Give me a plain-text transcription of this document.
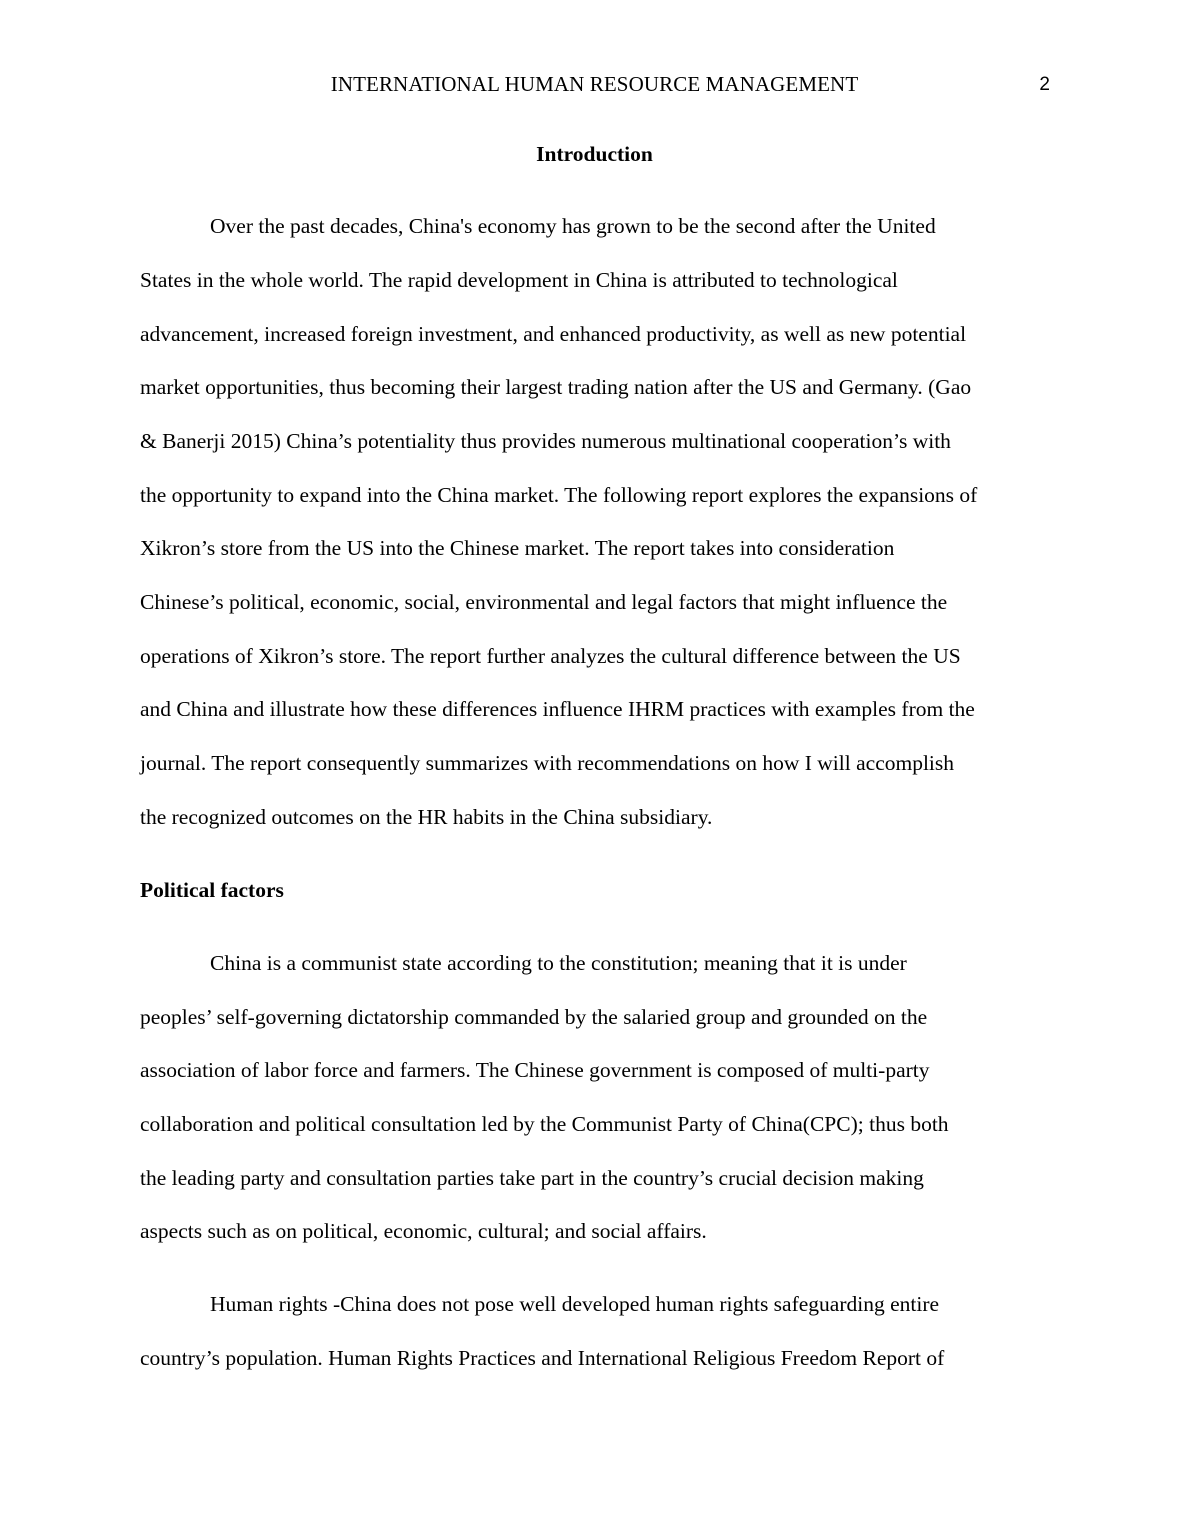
INTERNATIONAL HUMAN RESOURCE MANAGEMENT	2
Introduction
Over the past decades, China's economy has grown to be the second after the United
States in the whole world. The rapid development in China is attributed to technological
advancement, increased foreign investment, and enhanced productivity, as well as new potential
market opportunities, thus becoming their largest trading nation after the US and Germany. (Gao
& Banerji 2015) China’s potentiality thus provides numerous multinational cooperation’s with
the opportunity to expand into the China market. The following report explores the expansions of
Xikron’s store from the US into the Chinese market. The report takes into consideration
Chinese’s political, economic, social, environmental and legal factors that might influence the
operations of Xikron’s store. The report further analyzes the cultural difference between the US
and China and illustrate how these differences influence IHRM practices with examples from the
journal. The report consequently summarizes with recommendations on how I will accomplish
the recognized outcomes on the HR habits in the China subsidiary.
Political factors
China is a communist state according to the constitution; meaning that it is under
peoples’ self-governing dictatorship commanded by the salaried group and grounded on the
association of labor force and farmers. The Chinese government is composed of multi-party
collaboration and political consultation led by the Communist Party of China(CPC); thus both
the leading party and consultation parties take part in the country’s crucial decision making
aspects such as on political, economic, cultural; and social affairs.
Human rights -China does not pose well developed human rights safeguarding entire
country’s population. Human Rights Practices and International Religious Freedom Report of
